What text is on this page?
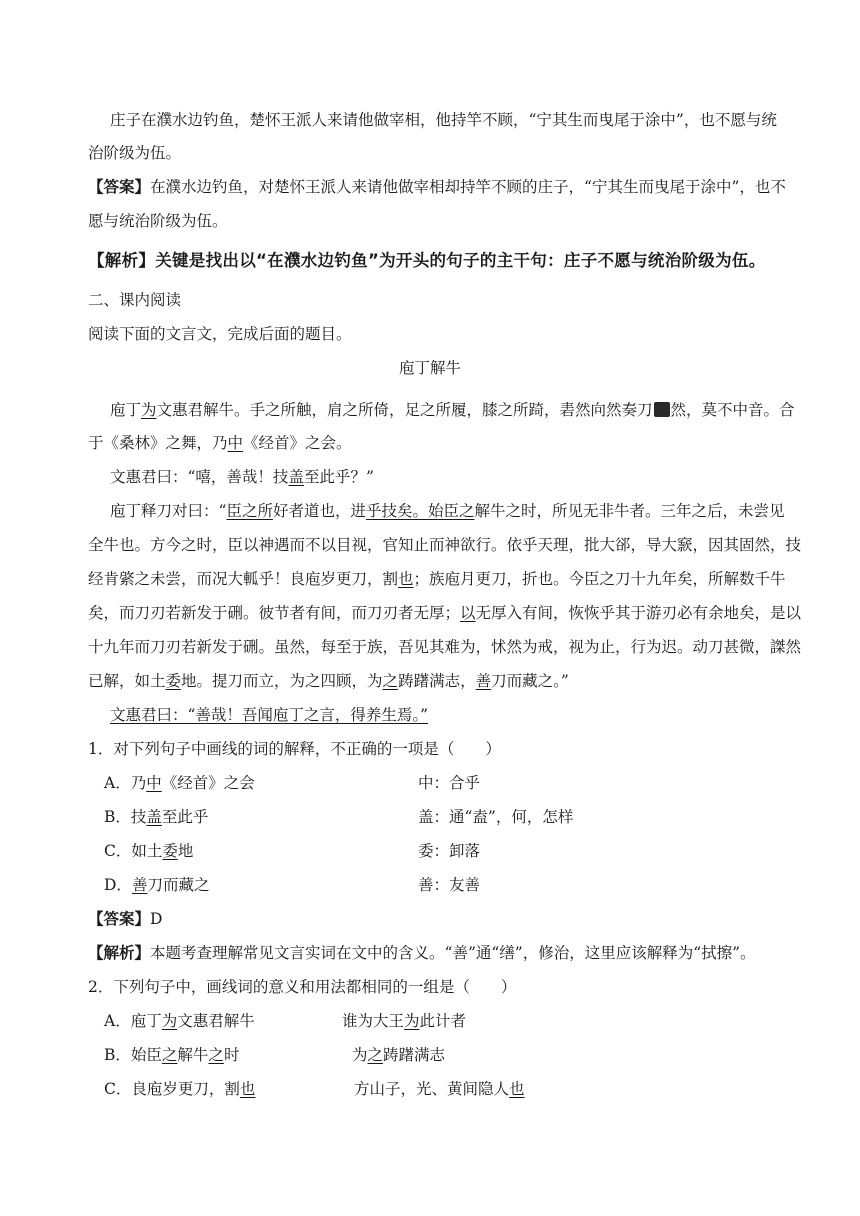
庄子在濮水边钓鱼，楚怀王派人来请他做宰相，他持竿不顾，“宁其生而曳尾于涂中”，也不愿与统
治阶级为伍。
【答案】在濮水边钓鱼，对楚怀王派人来请他做宰相却持竿不顾的庄子，“宁其生而曳尾于涂中”，也不
愿与统治阶级为伍。
【解析】关键是找出以“在濮水边钓鱼”为开头的句子的主干句：庄子不愿与统治阶级为伍。
二、课内阅读
阅读下面的文言文，完成后面的题目。
庖丁解牛
庖丁为文惠君解牛。手之所触，肩之所倚，足之所履，膝之所踦，砉然向然奏刀 然，莫不中音。合
于《桑林》之舞，乃中《经首》之会。
文惠君曰：“嘻，善哉！技盖至此乎？”
庖丁释刀对曰：“臣之所好者道也，进乎技矣。始臣之解牛之时，所见无非牛者。三年之后，未尝见
全牛也。方今之时，臣以神遇而不以目视，官知止而神欲行。依乎天理，批大郤，导大窾，因其固然，技
经肯綮之未尝，而况大軱乎！良庖岁更刀，割也；族庖月更刀，折也。今臣之刀十九年矣，所解数千牛
矣，而刀刃若新发于硎。彼节者有间，而刀刃者无厚；以无厚入有间，恢恢乎其于游刃必有余地矣，是以
十九年而刀刃若新发于硎。虽然，每至于族，吾见其难为，怵然为戒，视为止，行为迟。动刀甚微，謋然
已解，如土委地。提刀而立，为之四顾，为之踌躇满志，善刀而藏之。”
文惠君曰：“善哉！吾闻庖丁之言，得养生焉。”
1．对下列句子中画线的词的解释，不正确的一项是（　　）
A．乃中《经首》之会	中：合乎
B．技盖至此乎	盖：通“盍”，何，怎样
C．如土委地	委：卸落
D．善刀而藏之	善：友善
【答案】D
【解析】本题考查理解常见文言实词在文中的含义。“善”通“缮”，修治，这里应该解释为“拭擦”。
2．下列句子中，画线词的意义和用法都相同的一组是（　　）
A．庖丁为文惠君解牛	谁为大王为此计者
B．始臣之解牛之时	为之踌躇满志
C．良庖岁更刀，割也	方山子，光、黄间隐人也
